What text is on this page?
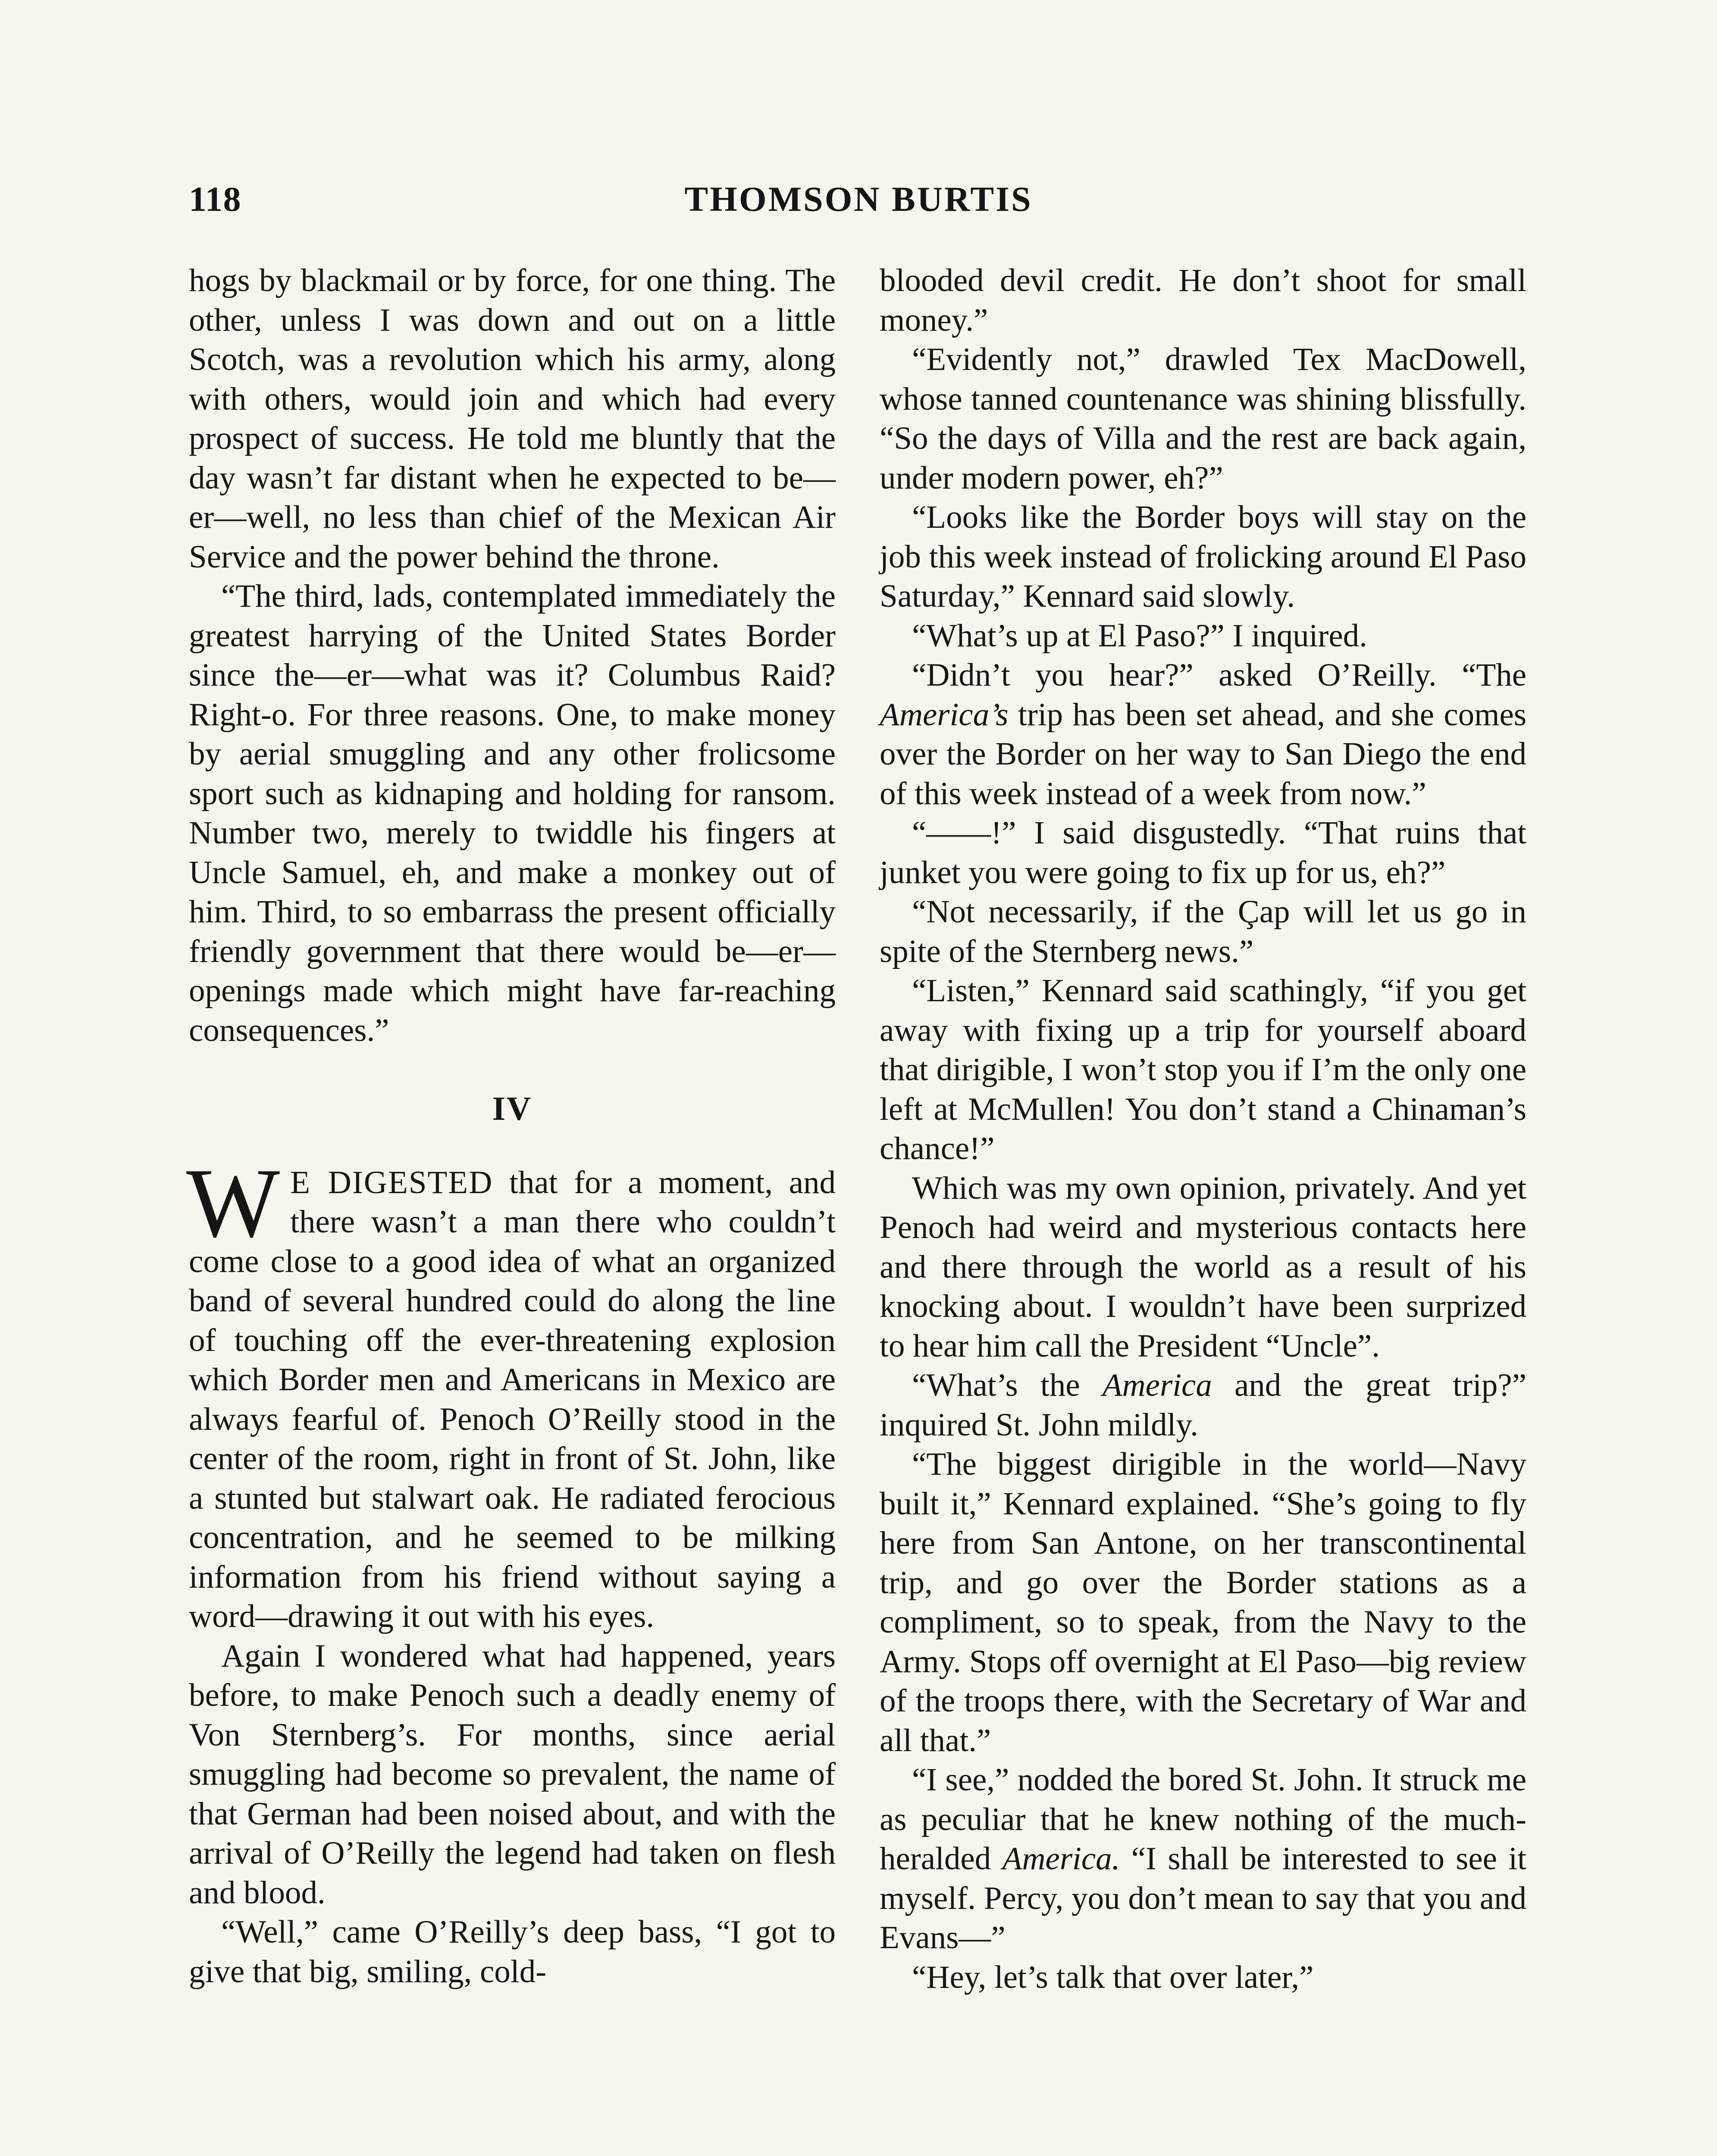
118	THOMSON BURTIS

hogs by blackmail or by force, for one thing. The other, unless I was down and out on a little Scotch, was a revolution which his army, along with others, would join and which had every prospect of success. He told me bluntly that the day wasn’t far distant when he expected to be—er—well, no less than chief of the Mexican Air Service and the power behind the throne.

“The third, lads, contemplated immediately the greatest harrying of the United States Border since the—er—what was it? Columbus Raid? Right-o. For three reasons. One, to make money by aerial smuggling and any other frolicsome sport such as kidnaping and holding for ransom. Number two, merely to twiddle his fingers at Uncle Samuel, eh, and make a monkey out of him. Third, to so embarrass the present officially friendly government that there would be—er—openings made which might have far-reaching consequences.”

IV

W E DIGESTED that for a moment, and there wasn’t a man there who couldn’t come close to a good idea of what an organized band of several hundred could do along the line of touching off the ever-threatening explosion which Border men and Americans in Mexico are always fearful of. Penoch O’Reilly stood in the center of the room, right in front of St. John, like a stunted but stalwart oak. He radiated ferocious concentration, and he seemed to be milking information from his friend without saying a word—drawing it out with his eyes.

Again I wondered what had happened, years before, to make Penoch such a deadly enemy of Von Sternberg’s. For months, since aerial smuggling had become so prevalent, the name of that German had been noised about, and with the arrival of O’Reilly the legend had taken on flesh and blood.

“Well,” came O’Reilly’s deep bass, “I got to give that big, smiling, cold-

blooded devil credit. He don’t shoot for small money.”

“Evidently not,” drawled Tex MacDowell, whose tanned countenance was shining blissfully. “So the days of Villa and the rest are back again, under modern power, eh?”

“Looks like the Border boys will stay on the job this week instead of frolicking around El Paso Saturday,” Kennard said slowly.

“What’s up at El Paso?” I inquired.

“Didn’t you hear?” asked O’Reilly. “The America’s trip has been set ahead, and she comes over the Border on her way to San Diego the end of this week instead of a week from now.”

“——!” I said disgustedly. “That ruins that junket you were going to fix up for us, eh?”

“Not necessarily, if the Çap will let us go in spite of the Sternberg news.”

“Listen,” Kennard said scathingly, “if you get away with fixing up a trip for yourself aboard that dirigible, I won’t stop you if I’m the only one left at McMullen! You don’t stand a Chinaman’s chance!”

Which was my own opinion, privately. And yet Penoch had weird and mysterious contacts here and there through the world as a result of his knocking about. I wouldn’t have been surprized to hear him call the President “Uncle”.

“What’s the America and the great trip?” inquired St. John mildly.

“The biggest dirigible in the world—Navy built it,” Kennard explained. “She’s going to fly here from San Antone, on her transcontinental trip, and go over the Border stations as a compliment, so to speak, from the Navy to the Army. Stops off overnight at El Paso—big review of the troops there, with the Secretary of War and all that.”

“I see,” nodded the bored St. John. It struck me as peculiar that he knew nothing of the much-heralded America. “I shall be interested to see it myself. Percy, you don’t mean to say that you and Evans—”

“Hey, let’s talk that over later,”
